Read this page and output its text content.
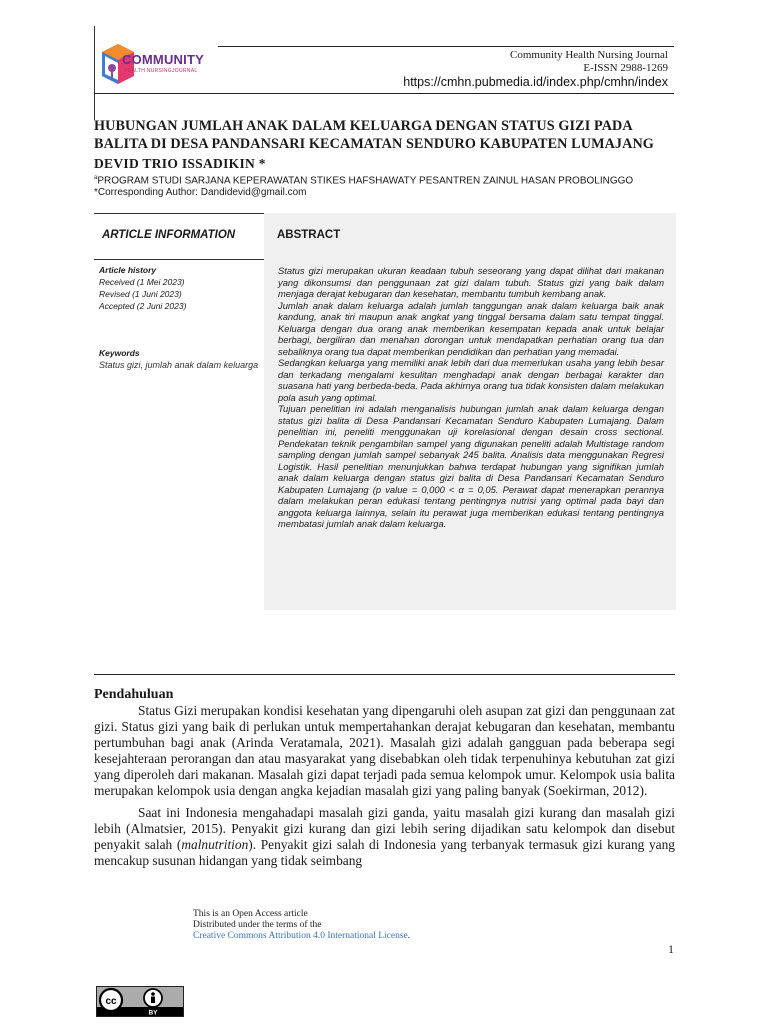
COMMUNITY
HEALTH NURSINGJOURNAL
Community Health Nursing Journal
E-ISSN 2988-1269
https://cmhn.pubmedia.id/index.php/cmhn/index
HUBUNGAN JUMLAH ANAK DALAM KELUARGA DENGAN STATUS GIZI PADA BALITA DI DESA PANDANSARI KECAMATAN SENDURO KABUPATEN LUMAJANG
DEVID TRIO ISSADIKIN *
$^a$PROGRAM STUDI SARJANA KEPERAWATAN STIKES HAFSHAWATY PESANTREN ZAINUL HASAN PROBOLINGGO
*Corresponding Author: Dandidevid@gmail.com
ARTICLE INFORMATION	ABSTRACT
Article history
Received (1 Mei 2023)
Revised (1 Juni 2023)
Accepted (2 Juni 2023)
Keywords
Status gizi, jumlah anak dalam keluarga

Status gizi merupakan ukuran keadaan tubuh seseorang yang dapat dilihat dari makanan yang dikonsumsi dan penggunaan zat gizi dalam tubuh. Status gizi yang baik dalam menjaga derajat kebugaran dan kesehatan, membantu tumbuh kembang anak.

Jumlah anak dalam keluarga adalah jumlah tanggungan anak dalam keluarga baik anak kandung, anak tiri maupun anak angkat yang tinggal bersama dalam satu tempat tinggal. Keluarga dengan dua orang anak memberikan kesempatan kepada anak untuk belajar berbagi, bergiliran dan menahan dorongan untuk mendapatkan perhatian orang tua dan sebaliknya orang tua dapat memberikan pendidikan dan perhatian yang memadai.

Sedangkan keluarga yang memiliki anak lebih dari dua memerlukan usaha yang lebih besar dan terkadang mengalami kesulitan menghadapi anak dengan berbagai karakter dan suasana hati yang berbeda-beda. Pada akhirnya orang tua tidak konsisten dalam melakukan pola asuh yang optimal.

Tujuan penelitian ini adalah menganalisis hubungan jumlah anak dalam keluarga dengan status gizi balita di Desa Pandansari Kecamatan Senduro Kabupaten Lumajang. Dalam penelitian ini, peneliti menggunakan uji korelasional dengan desain cross sectional. Pendekatan teknik pengambilan sampel yang digunakan peneliti adalah Multistage random sampling dengan jumlah sampel sebanyak 245 balita. Analisis data menggunakan Regresi Logistik. Hasil penelitian menunjukkan bahwa terdapat hubungan yang signifikan jumlah anak dalam keluarga dengan status gizi balita di Desa Pandansari Kecamatan Senduro Kabupaten Lumajang (p value = 0,000 < α = 0,05. Perawat dapat menerapkan perannya dalam melakukan peran edukasi tentang pentingnya nutrisi yang optimal pada bayi dan anggota keluarga lainnya, selain itu perawat juga memberikan edukasi tentang pentingnya membatasi jumlah anak dalam keluarga.

Pendahuluan

Status Gizi merupakan kondisi kesehatan yang dipengaruhi oleh asupan zat gizi dan penggunaan zat gizi. Status gizi yang baik di perlukan untuk mempertahankan derajat kebugaran dan kesehatan, membantu pertumbuhan bagi anak (Arinda Veratamala, 2021). Masalah gizi adalah gangguan pada beberapa segi kesejahteraan perorangan dan atau masyarakat yang disebabkan oleh tidak terpenuhinya kebutuhan zat gizi yang diperoleh dari makanan. Masalah gizi dapat terjadi pada semua kelompok umur. Kelompok usia balita merupakan kelompok usia dengan angka kejadian masalah gizi yang paling banyak (Soekirman, 2012).

Saat ini Indonesia mengahadapi masalah gizi ganda, yaitu masalah gizi kurang dan masalah gizi lebih (Almatsier, 2015). Penyakit gizi kurang dan gizi lebih sering dijadikan satu kelompok dan disebut penyakit salah (malnutrition). Penyakit gizi salah di Indonesia yang terbanyak termasuk gizi kurang yang mencakup susunan hidangan yang tidak seimbang

This is an Open Access article
Distributed under the terms of the
Creative Commons Attribution 4.0 International License.
1
cc
BY
